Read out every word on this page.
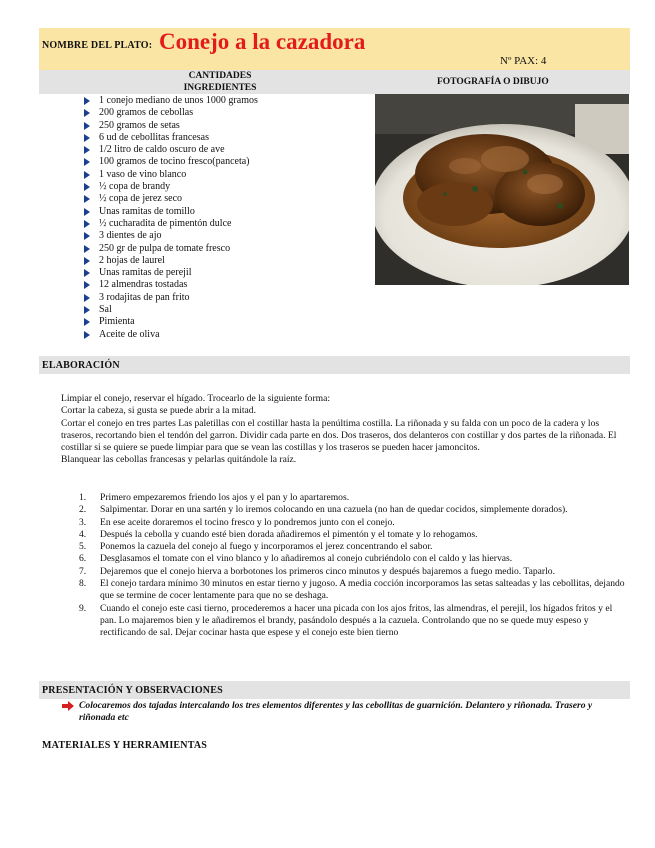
NOMBRE DEL PLATO: Conejo a la cazadora
Nº PAX: 4
CANTIDADES
INGREDIENTES
FOTOGRAFÍA O DIBUJO
1 conejo mediano de unos 1000 gramos
200 gramos de cebollas
250 gramos de setas
6 ud de cebollitas francesas
1/2 litro de caldo oscuro de ave
100 gramos de tocino fresco(panceta)
1 vaso de vino blanco
½ copa de brandy
½ copa de jerez seco
Unas ramitas de tomillo
½ cucharadita de pimentón dulce
3 dientes de ajo
250 gr de pulpa de tomate fresco
2 hojas de laurel
Unas ramitas de perejil
12 almendras tostadas
3 rodajitas de pan frito
Sal
Pimienta
Aceite de oliva
ELABORACIÓN

Limpiar el conejo, reservar el hígado. Trocearlo de la siguiente forma:

Cortar la cabeza, si gusta se puede abrir a la mitad.

Cortar el conejo en tres partes Las paletillas con el costillar hasta la penúltima costilla. La riñonada y su falda con un poco de la cadera y los traseros, recortando bien el tendón del garron. Dividir cada parte en dos. Dos traseros, dos delanteros con costillar y dos partes de la riñonada. El costillar si se quiere se puede limpiar para que se vean las costillas y los traseros se pueden hacer jamoncitos.

Blanquear las cebollas francesas y pelarlas quitándole la raíz.

1. Primero empezaremos friendo los ajos y el pan y lo apartaremos.
2. Salpimentar. Dorar en una sartén y lo iremos colocando en una cazuela (no han de quedar cocidos, simplemente dorados).
3. En ese aceite doraremos el tocino fresco y lo pondremos junto con el conejo.
4. Después la cebolla y cuando esté bien dorada añadiremos el pimentón y el tomate y lo rehogamos.
5. Ponemos la cazuela del conejo al fuego y incorporamos el jerez concentrando el sabor.
6. Desglasamos el tomate con el vino blanco y lo añadiremos al conejo cubriéndolo con el caldo y las hiervas.
7. Dejaremos que el conejo hierva a borbotones los primeros cinco minutos y después bajaremos a fuego medio. Taparlo.
8. El conejo tardara mínimo 30 minutos en estar tierno y jugoso. A media cocción incorporamos las setas salteadas y las cebollitas, dejando que se termine de cocer lentamente para que no se deshaga.
9. Cuando el conejo este casi tierno, procederemos a hacer una picada con los ajos fritos, las almendras, el perejil, los hígados fritos y el pan. Lo majaremos bien y le añadiremos el brandy, pasándolo después a la cazuela. Controlando que no se quede muy espeso y rectificando de sal. Dejar cocinar hasta que espese y el conejo este bien tierno
PRESENTACIÓN Y OBSERVACIONES
Colocaremos dos tajadas intercalando los tres elementos diferentes y las cebollitas de guarnición. Delantero y riñonada. Trasero y riñonada etc
MATERIALES Y HERRAMIENTAS
